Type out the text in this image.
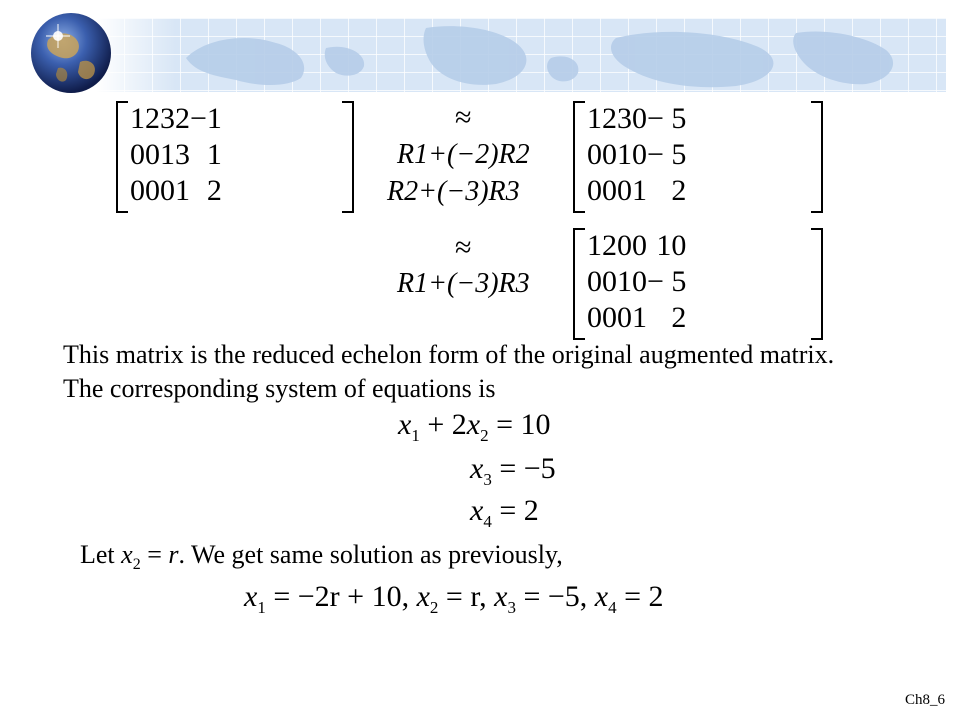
1	2	3	2	−1
0	0	1	3	1
0	0	0	1	2
≈
R1+(−2)R2
R2+(−3)R3
1	2	3	0	− 5
0	0	1	0	− 5
0	0	0	1	2
≈
R1+(−3)R3
1	2	0	0	10
0	0	1	0	− 5
0	0	0	1	2
This matrix is the reduced echelon form of the original augmented matrix. The corresponding system of equations is
$x_1 + 2x_2 = 10$
$x_3 = -5$
$x_4 = 2$
Let $x_2 = r$. We get same solution as previously,
$x_1 = -2r + 10$, $x_2 = r$, $x_3 = -5$, $x_4 = 2$
Ch8_6
